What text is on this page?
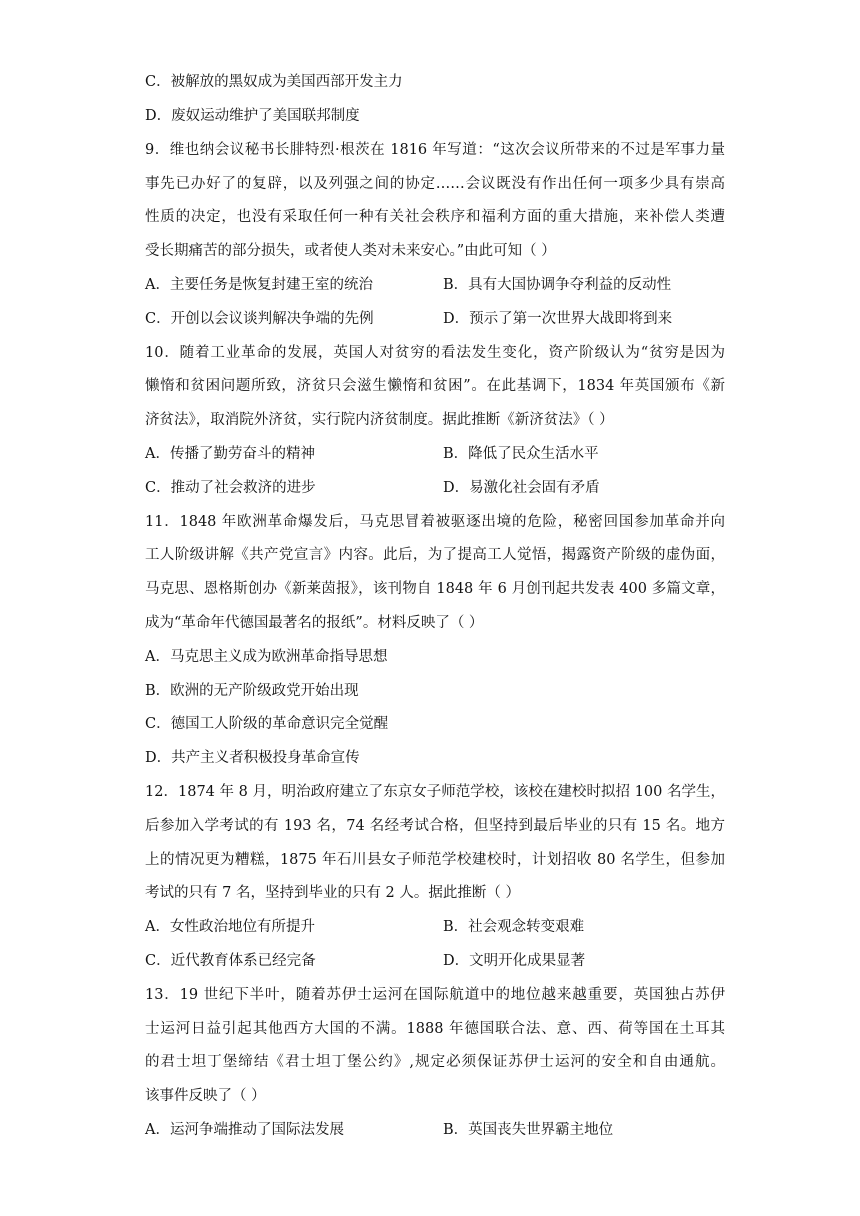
C．被解放的黑奴成为美国西部开发主力
D．废奴运动维护了美国联邦制度
9．维也纳会议秘书长腓特烈·根茨在 1816 年写道：“这次会议所带来的不过是军事力量
事先已办好了的复辟，以及列强之间的协定……会议既没有作出任何一项多少具有崇高
性质的决定，也没有采取任何一种有关社会秩序和福利方面的重大措施，来补偿人类遭
受长期痛苦的部分损失，或者使人类对未来安心。”由此可知（ ）
A．主要任务是恢复封建王室的统治	B．具有大国协调争夺利益的反动性
C．开创以会议谈判解决争端的先例	D．预示了第一次世界大战即将到来
10．随着工业革命的发展，英国人对贫穷的看法发生变化，资产阶级认为“贫穷是因为
懒惰和贫困问题所致，济贫只会滋生懒惰和贫困”。在此基调下，1834 年英国颁布《新
济贫法》，取消院外济贫，实行院内济贫制度。据此推断《新济贫法》（ ）
A．传播了勤劳奋斗的精神	B．降低了民众生活水平
C．推动了社会救济的进步	D．易激化社会固有矛盾
11．1848 年欧洲革命爆发后，马克思冒着被驱逐出境的危险，秘密回国参加革命并向
工人阶级讲解《共产党宣言》内容。此后，为了提高工人觉悟，揭露资产阶级的虚伪面，
马克思、恩格斯创办《新莱茵报》，该刊物自 1848 年 6 月创刊起共发表 400 多篇文章，
成为“革命年代德国最著名的报纸”。材料反映了（ ）
A．马克思主义成为欧洲革命指导思想
B．欧洲的无产阶级政党开始出现
C．德国工人阶级的革命意识完全觉醒
D．共产主义者积极投身革命宣传
12．1874 年 8 月，明治政府建立了东京女子师范学校，该校在建校时拟招 100 名学生，
后参加入学考试的有 193 名，74 名经考试合格，但坚持到最后毕业的只有 15 名。地方
上的情况更为糟糕，1875 年石川县女子师范学校建校时，计划招收 80 名学生，但参加
考试的只有 7 名，坚持到毕业的只有 2 人。据此推断（ ）
A．女性政治地位有所提升	B．社会观念转变艰难
C．近代教育体系已经完备	D．文明开化成果显著
13．19 世纪下半叶，随着苏伊士运河在国际航道中的地位越来越重要，英国独占苏伊
士运河日益引起其他西方大国的不满。1888 年德国联合法、意、西、荷等国在土耳其
的君士坦丁堡缔结《君士坦丁堡公约》,规定必须保证苏伊士运河的安全和自由通航。
该事件反映了（ ）
A．运河争端推动了国际法发展	B．英国丧失世界霸主地位
